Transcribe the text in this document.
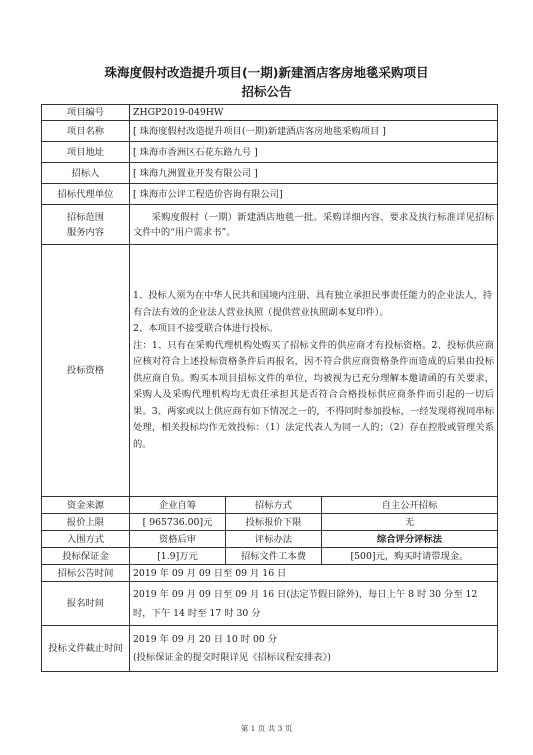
珠海度假村改造提升项目(一期)新建酒店客房地毯采购项目
招标公告
项目编号	ZHGP2019-049HW		
项目名称	[ 珠海度假村改造提升项目(一期)新建酒店客房地毯采购项目 ]		
项目地址	[ 珠海市香洲区石花东路九号 ]		
招标人	[ 珠海九洲置业开发有限公司 ]		
招标代理单位	[ 珠海市公评工程造价咨询有限公司]		

招标范围
服务内容	采购度假村（一期）新建酒店地毯一批。采购详细内容、要求及执行标准详见招标文件中的“用户需求书”。		
投标资格	1、投标人须为在中华人民共和国境内注册、具有独立承担民事责任能力的企业法人，持有合法有效的企业法人营业执照（提供营业执照副本复印件）。
2、本项目不接受联合体进行投标。
注：1、只有在采购代理机构处购买了招标文件的供应商才有投标资格。2、投标供应商应核对符合上述投标资格条件后再报名，因不符合供应商资格条件而造成的后果由投标供应商自负。购买本项目招标文件的单位，均被视为已充分理解本邀请函的有关要求，采购人及采购代理机构均无责任承担其是否符合合格投标供应商条件而引起的一切后果。3、两家或以上供应商有如下情况之一的，不得同时参加投标，一经发现将视同串标处理，相关投标均作无效投标：（1）法定代表人为同一人的；（2）存在控股或管理关系的。		

资金来源	企业自筹	招标方式	自主公开招标
报价上限	[ 965736.00]元	投标报价下限	无
入围方式	资格后审	评标办法	综合评分评标法
投标保证金	[1.9]万元	招标文件工本费	[500]元，购买时请带现金。
招标公告时间	2019 年 09 月 09 日至 09 月 16 日		
报名时间	2019 年 09 月 09 日至 09 月 16 日(法定节假日除外)，每日上午 8 时 30 分至 12 时，下午 14 时至 17 时 30 分		
投标文件截止时间	2019 年 09 月 20 日 10 时 00 分
(投标保证金的提交时限详见《招标议程安排表》)		
第 1 页 共 3 页
